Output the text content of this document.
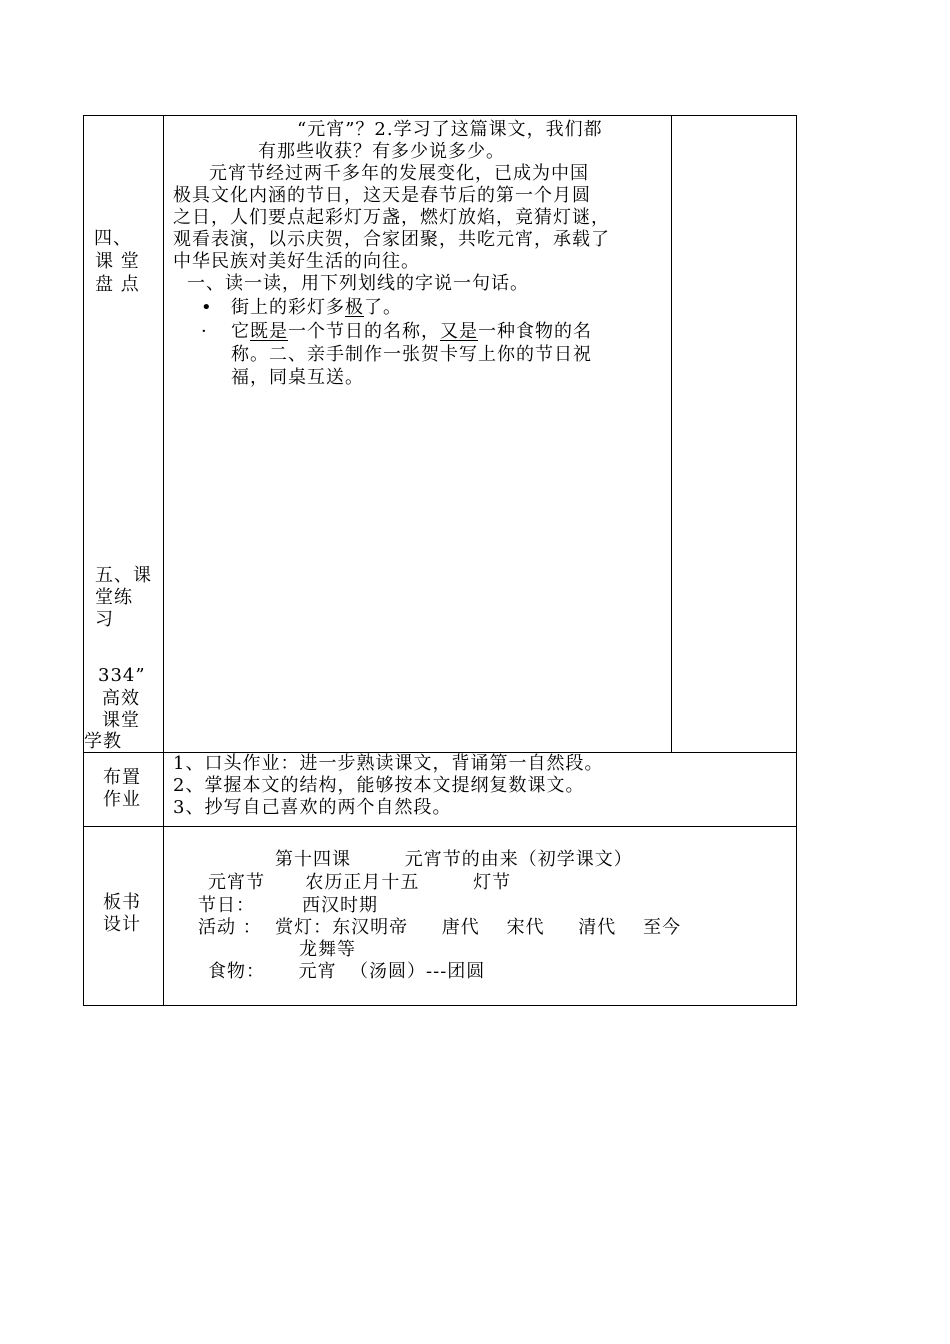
“元宵”？2.学习了这篇课文，我们都
有那些收获？有多少说多少。
元宵节经过两千多年的发展变化，已成为中国
极具文化内涵的节日，这天是春节后的第一个月圆
之日，人们要点起彩灯万盏，燃灯放焰，竟猜灯谜，
观看表演，以示庆贺，合家团聚，共吃元宵，承载了
中华民族对美好生活的向往。
一、读一读，用下列划线的字说一句话。
• 街上的彩灯多极了。
· 它既是一个节日的名称，又是一种食物的名
称。二、亲手制作一张贺卡写上你的节日祝
福，同桌互送。
四、
课 堂
盘 点
五、课
堂练
习
334”
高效
课堂
学教
布置
作业
1、口头作业：进一步熟读课文，背诵第一自然段。
2、掌握本文的结构，能够按本文提纲复数课文。
3、抄写自己喜欢的两个自然段。
板书
设计
第十四课        元宵节的由来（初学课文）
元宵节      农历正月十五        灯节
节日：       西汉时期
活动 ：  赏灯：东汉明帝     唐代    宋代     清代    至今
龙舞等
食物：     元宵  （汤圆）---团圆
